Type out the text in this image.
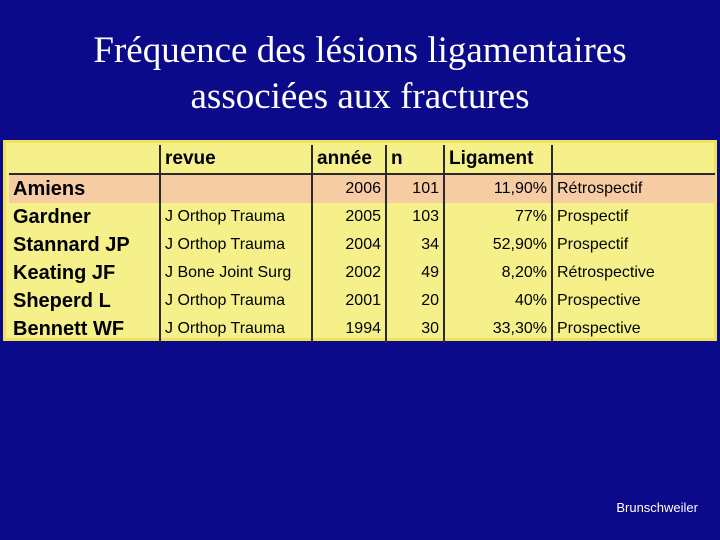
Fréquence des lésions ligamentaires
associées aux fractures
	revue	année	n	Ligament	
Amiens		2006	101	11,90%	Rétrospectif
Gardner	J Orthop Trauma	2005	103	77%	Prospectif
Stannard JP	J Orthop Trauma	2004	34	52,90%	Prospectif
Keating JF	J Bone Joint Surg	2002	49	8,20%	Rétrospective
Sheperd L	J Orthop Trauma	2001	20	40%	Prospective
Bennett WF	J Orthop Trauma	1994	30	33,30%	Prospective
Brunschweiler
